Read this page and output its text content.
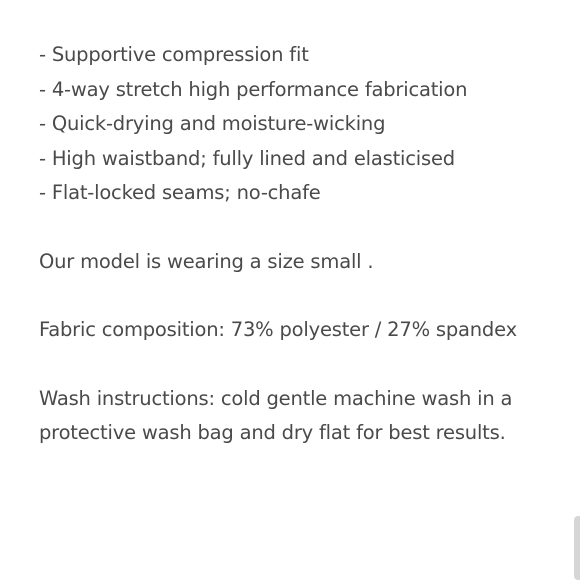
- Supportive compression fit
- 4-way stretch high performance fabrication
- Quick-drying and moisture-wicking
- High waistband; fully lined and elasticised
- Flat-locked seams; no-chafe

Our model is wearing a size small .

Fabric composition: 73% polyester / 27% spandex

Wash instructions: cold gentle machine wash in a protective wash bag and dry flat for best results.
